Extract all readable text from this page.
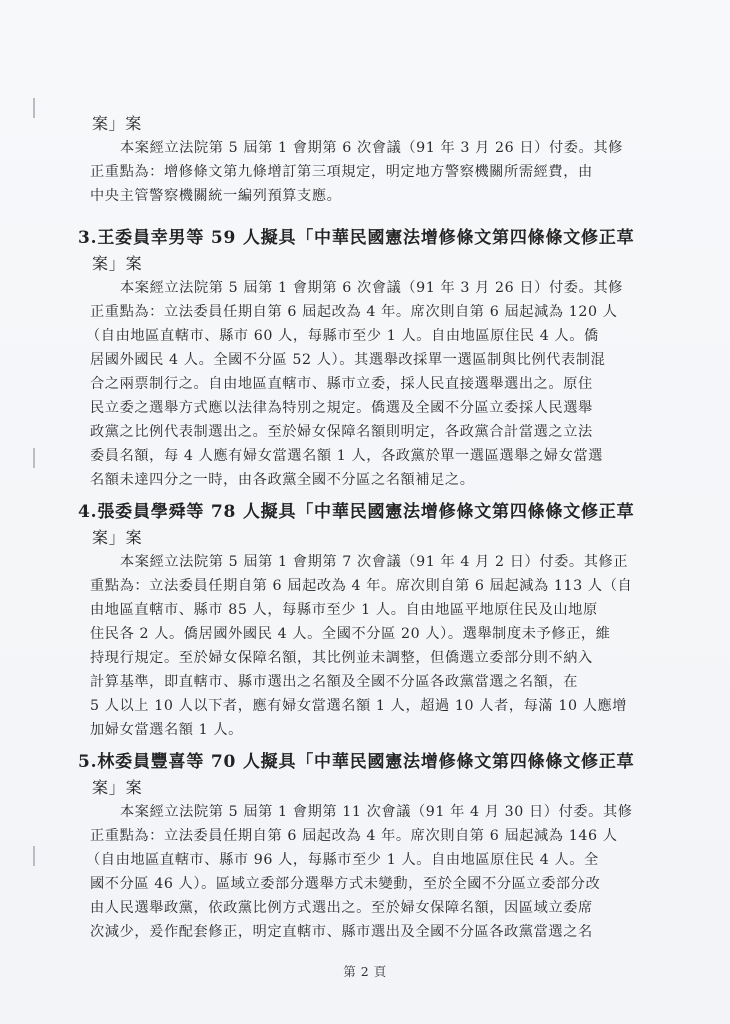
案」案
本案經立法院第 5 屆第 1 會期第 6 次會議（91 年 3 月 26 日）付委。其修
正重點為：增修條文第九條增訂第三項規定，明定地方警察機關所需經費，由
中央主管警察機關統一編列預算支應。
3.王委員幸男等 59 人擬具「中華民國憲法增修條文第四條條文修正草
案」案
本案經立法院第 5 屆第 1 會期第 6 次會議（91 年 3 月 26 日）付委。其修
正重點為：立法委員任期自第 6 屆起改為 4 年。席次則自第 6 屆起減為 120 人
（自由地區直轄市、縣市 60 人，每縣市至少 1 人。自由地區原住民 4 人。僑
居國外國民 4 人。全國不分區 52 人）。其選舉改採單一選區制與比例代表制混
合之兩票制行之。自由地區直轄市、縣市立委，採人民直接選舉選出之。原住
民立委之選舉方式應以法律為特別之規定。僑選及全國不分區立委採人民選舉
政黨之比例代表制選出之。至於婦女保障名額則明定，各政黨合計當選之立法
委員名額，每 4 人應有婦女當選名額 1 人，各政黨於單一選區選舉之婦女當選
名額未達四分之一時，由各政黨全國不分區之名額補足之。
4.張委員學舜等 78 人擬具「中華民國憲法增修條文第四條條文修正草
案」案
本案經立法院第 5 屆第 1 會期第 7 次會議（91 年 4 月 2 日）付委。其修正
重點為：立法委員任期自第 6 屆起改為 4 年。席次則自第 6 屆起減為 113 人（自
由地區直轄市、縣市 85 人，每縣市至少 1 人。自由地區平地原住民及山地原
住民各 2 人。僑居國外國民 4 人。全國不分區 20 人）。選舉制度未予修正，維
持現行規定。至於婦女保障名額，其比例並未調整，但僑選立委部分則不納入
計算基準，即直轄市、縣市選出之名額及全國不分區各政黨當選之名額，在
5 人以上 10 人以下者，應有婦女當選名額 1 人，超過 10 人者，每滿 10 人應增
加婦女當選名額 1 人。
5.林委員豐喜等 70 人擬具「中華民國憲法增修條文第四條條文修正草
案」案
本案經立法院第 5 屆第 1 會期第 11 次會議（91 年 4 月 30 日）付委。其修
正重點為：立法委員任期自第 6 屆起改為 4 年。席次則自第 6 屆起減為 146 人
（自由地區直轄市、縣市 96 人，每縣市至少 1 人。自由地區原住民 4 人。全
國不分區 46 人）。區域立委部分選舉方式未變動，至於全國不分區立委部分改
由人民選舉政黨，依政黨比例方式選出之。至於婦女保障名額，因區域立委席
次減少，爰作配套修正，明定直轄市、縣市選出及全國不分區各政黨當選之名
第 2 頁
